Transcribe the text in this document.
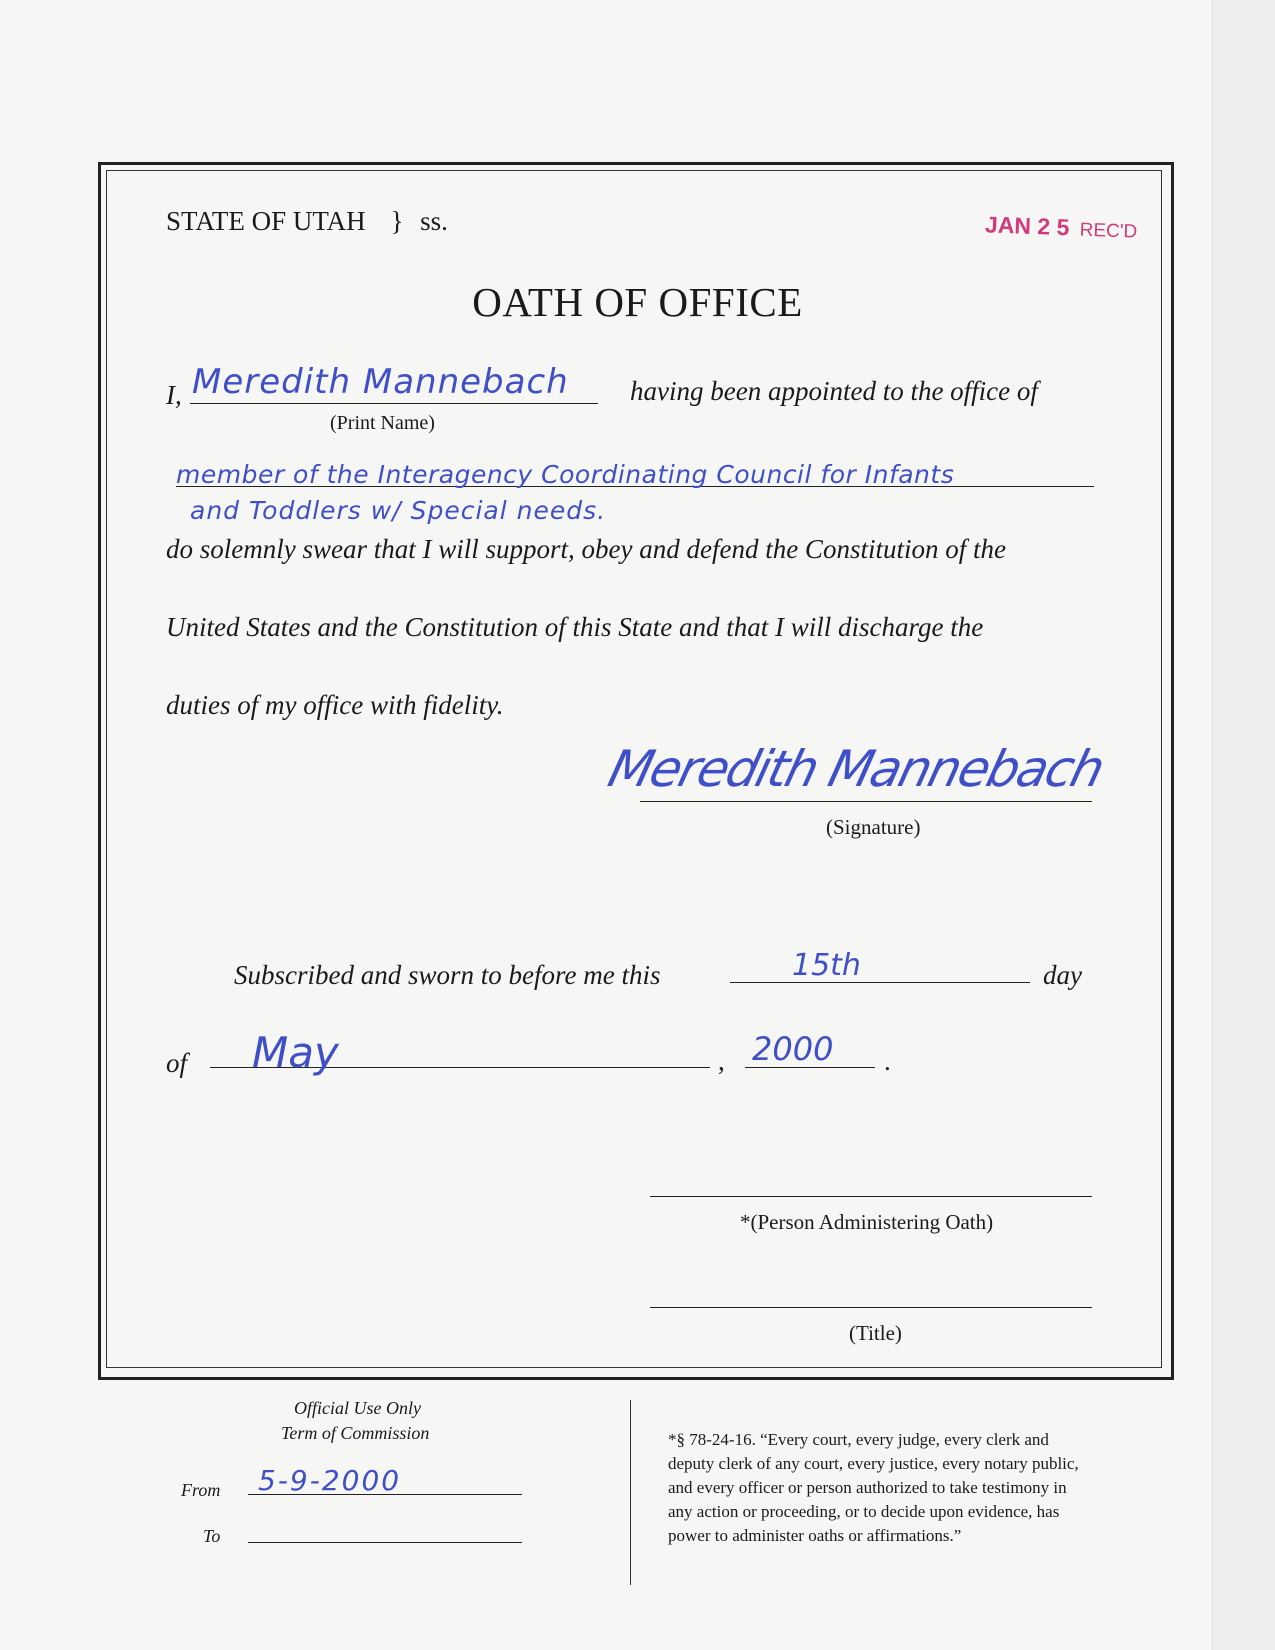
STATE OF UTAH } ss.	JAN 2 5 REC'D
OATH OF OFFICE
I, Meredith Mannebach
(Print Name)
having been appointed to the office of
member of the Interagency Coordinating Council for Infants
and Toddlers w/ Special needs.
do solemnly swear that I will support, obey and defend the Constitution of the
United States and the Constitution of this State and that I will discharge the
duties of my office with fidelity.
Meredith Mannebach
(Signature)
Subscribed and sworn to before me this	15th	day
of May	, 2000 .
*(Person Administering Oath)
(Title)
Official Use Only
Term of Commission
From 5-9-2000
To
*§ 78-24-16. “Every court, every judge, every clerk and
deputy clerk of any court, every justice, every notary public,
and every officer or person authorized to take testimony in
any action or proceeding, or to decide upon evidence, has
power to administer oaths or affirmations.”
